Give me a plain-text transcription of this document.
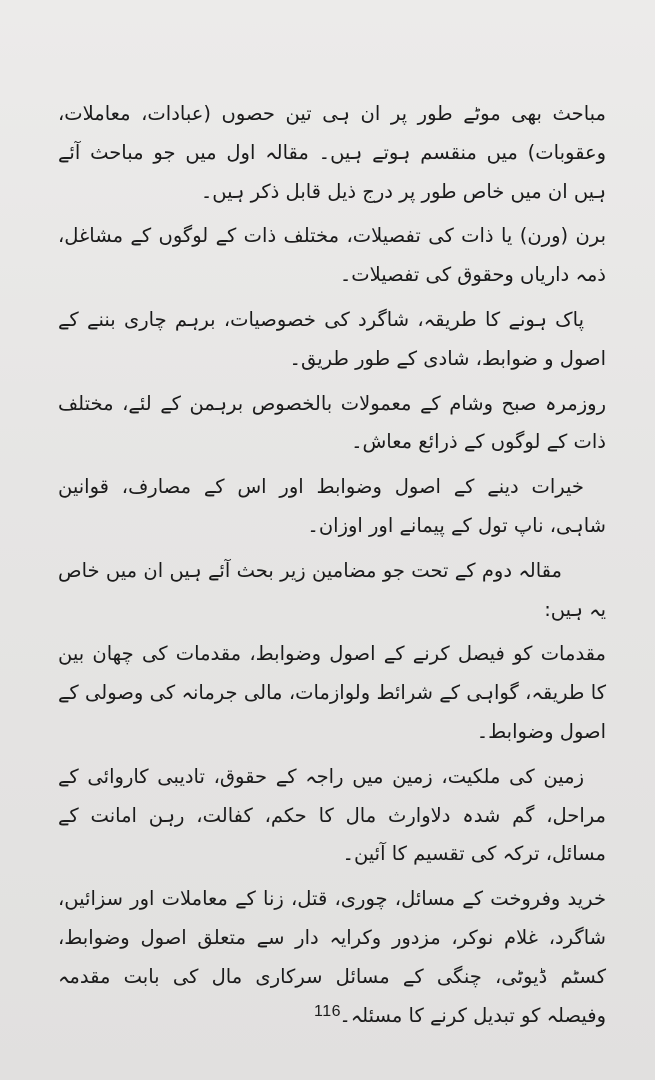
مباحث بھی موٹے طور پر ان ہی تین حصوں (عبادات، معاملات، وعقوبات) میں منقسم ہوتے ہیں۔ مقالہ اول میں جو مباحث آئے ہیں ان میں خاص طور پر درج ذیل قابل ذکر ہیں۔

برن (ورن) یا ذات کی تفصیلات، مختلف ذات کے لوگوں کے مشاغل، ذمہ داریاں وحقوق کی تفصیلات۔

پاک ہونے کا طریقہ، شاگرد کی خصوصیات، برہم چاری بننے کے اصول و ضوابط، شادی کے طور طریق۔

روزمرہ صبح وشام کے معمولات بالخصوص برہمن کے لئے، مختلف ذات کے لوگوں کے ذرائع معاش۔

خیرات دینے کے اصول وضوابط اور اس کے مصارف، قوانین شاہی، ناپ تول کے پیمانے اور اوزان۔

مقالہ دوم کے تحت جو مضامین زیر بحث آئے ہیں ان میں خاص یہ ہیں:

مقدمات کو فیصل کرنے کے اصول وضوابط، مقدمات کی چھان بین کا طریقہ، گواہی کے شرائط ولوازمات، مالی جرمانہ کی وصولی کے اصول وضوابط۔

زمین کی ملکیت، زمین میں راجہ کے حقوق، تادیبی کاروائی کے مراحل، گم شدہ دلاوارث مال کا حکم، کفالت، رہن امانت کے مسائل، ترکہ کی تقسیم کا آئین۔

خرید وفروخت کے مسائل، چوری، قتل، زنا کے معاملات اور سزائیں، شاگرد، غلام نوکر، مزدور وکرایہ دار سے متعلق اصول وضوابط، کسٹم ڈیوٹی، چنگی کے مسائل سرکاری مال کی بابت مقدمہ وفیصلہ کو تبدیل کرنے کا مسئلہ۔

116
